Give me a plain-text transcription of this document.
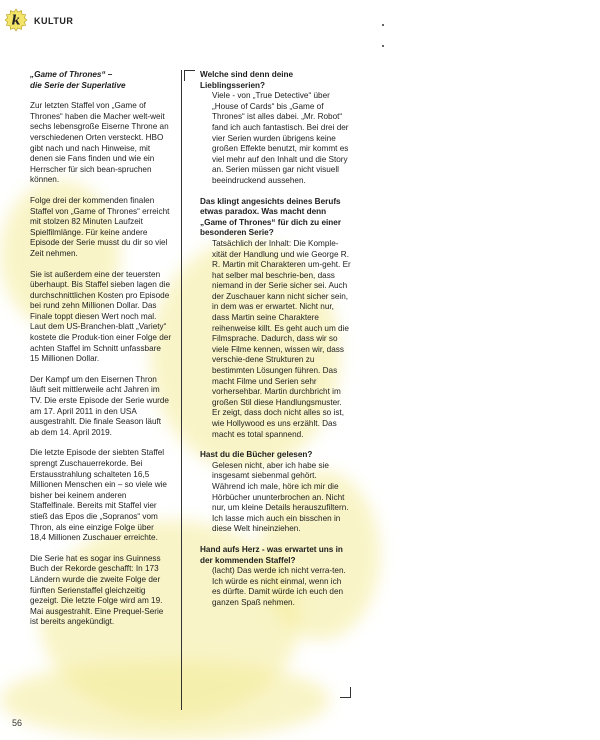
k KULTUR

„Game of Thrones“ –
die Serie der Superlative

Zur letzten Staffel von „Game of Thrones“ haben die Macher welt-weit sechs lebensgroße Eiserne Throne an verschiedenen Orten versteckt. HBO gibt nach und nach Hinweise, mit denen sie Fans finden und wie ein Herrscher für sich bean-spruchen können.

Folge drei der kommenden finalen Staffel von „Game of Thrones“ erreicht mit stolzen 82 Minuten Laufzeit Spielfilmlänge. Für keine andere Episode der Serie musst du dir so viel Zeit nehmen.

Sie ist außerdem eine der teuersten überhaupt. Bis Staffel sieben lagen die durchschnittlichen Kosten pro Episode bei rund zehn Millionen Dollar. Das Finale toppt diesen Wert noch mal. Laut dem US-Branchen-blatt „Variety“ kostete die Produk-tion einer Folge der achten Staffel im Schnitt unfassbare 15 Millionen Dollar.

Der Kampf um den Eisernen Thron läuft seit mittlerweile acht Jahren im TV. Die erste Episode der Serie wurde am 17. April 2011 in den USA ausgestrahlt. Die finale Season läuft ab dem 14. April 2019.

Die letzte Episode der siebten Staffel sprengt Zuschauerrekorde. Bei Erstausstrahlung schalteten 16,5 Millionen Menschen ein – so viele wie bisher bei keinem anderen Staffelfinale. Bereits mit Staffel vier stieß das Epos die „Sopranos“ vom Thron, als eine einzige Folge über 18,4 Millionen Zuschauer erreichte.

Die Serie hat es sogar ins Guinness Buch der Rekorde geschafft: In 173 Ländern wurde die zweite Folge der fünften Serienstaffel gleichzeitig gezeigt. Die letzte Folge wird am 19. Mai ausgestrahlt. Eine Prequel-Serie ist bereits angekündigt.

Welche sind denn deine Lieblingsserien?

Viele - von „True Detective“ über „House of Cards“ bis „Game of Thrones“ ist alles dabei. „Mr. Robot“ fand ich auch fantastisch. Bei drei der vier Serien wurden übrigens keine großen Effekte benutzt, mir kommt es viel mehr auf den Inhalt und die Story an. Serien müssen gar nicht visuell beeindruckend aussehen.

Das klingt angesichts deines Berufs etwas paradox. Was macht denn „Game of Thrones“ für dich zu einer besonderen Serie?

Tatsächlich der Inhalt: Die Komple-xität der Handlung und wie George R. R. Martin mit Charakteren um-geht. Er hat selber mal beschrie-ben, dass niemand in der Serie sicher sei. Auch der Zuschauer kann nicht sicher sein, in dem was er erwartet. Nicht nur, dass Martin seine Charaktere reihenweise killt. Es geht auch um die Filmsprache. Dadurch, dass wir so viele Filme kennen, wissen wir, dass verschie-dene Strukturen zu bestimmten Lösungen führen. Das macht Filme und Serien sehr vorhersehbar. Martin durchbricht im großen Stil diese Handlungsmuster. Er zeigt, dass doch nicht alles so ist, wie Hollywood es uns erzählt. Das macht es total spannend.

Hast du die Bücher gelesen?

Gelesen nicht, aber ich habe sie insgesamt siebenmal gehört. Während ich male, höre ich mir die Hörbücher ununterbrochen an. Nicht nur, um kleine Details herauszufiltern. Ich lasse mich auch ein bisschen in diese Welt hineinziehen.

Hand aufs Herz - was erwartet uns in der kommenden Staffel?

(lacht) Das werde ich nicht verra-ten. Ich würde es nicht einmal, wenn ich es dürfte. Damit würde ich euch den ganzen Spaß nehmen.

56
